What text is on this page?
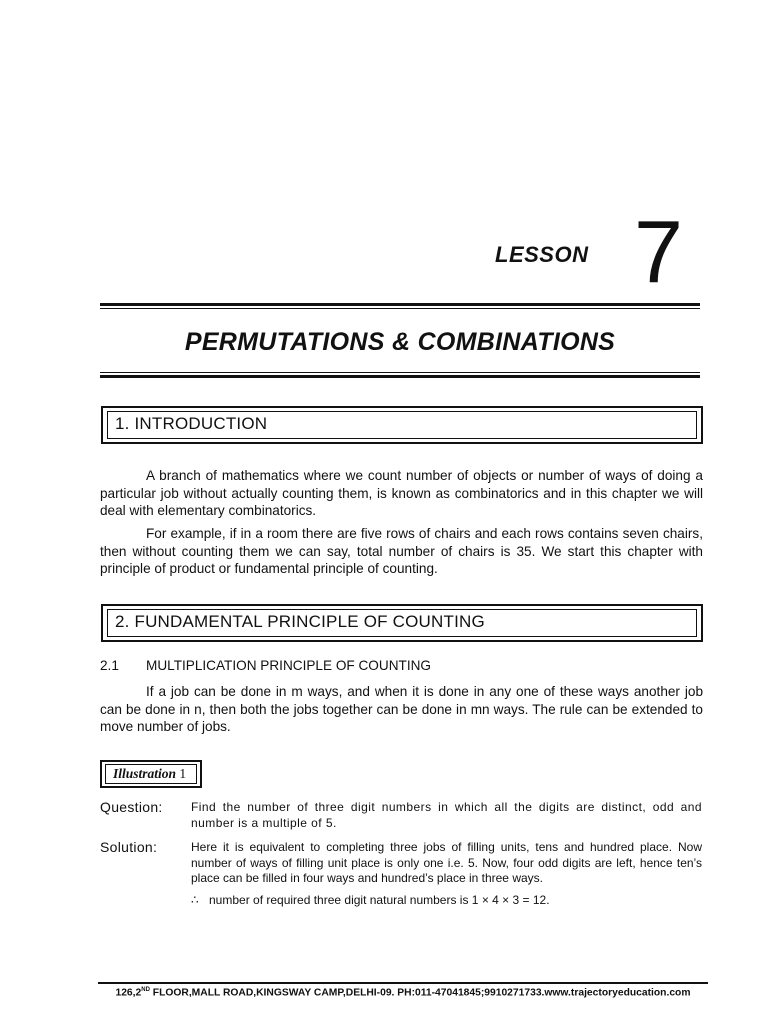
LESSON 7
PERMUTATIONS & COMBINATIONS
1. INTRODUCTION
A branch of mathematics where we count number of objects or number of ways of doing a particular job without actually counting them, is known as combinatorics and in this chapter we will deal with elementary combinatorics.
For example, if in a room there are five rows of chairs and each rows contains seven chairs, then without counting them we can say, total number of chairs is 35. We start this chapter with principle of product or fundamental principle of counting.
2. FUNDAMENTAL PRINCIPLE OF COUNTING
2.1 MULTIPLICATION PRINCIPLE OF COUNTING
If a job can be done in m ways, and when it is done in any one of these ways another job can be done in n, then both the jobs together can be done in mn ways. The rule can be extended to move number of jobs.
Illustration 1
Question: Find the number of three digit numbers in which all the digits are distinct, odd and number is a multiple of 5.
Solution:	Here it is equivalent to completing three jobs of filling units, tens and hundred place. Now number of ways of filling unit place is only one i.e. 5. Now, four odd digits are left, hence ten’s place can be filled in four ways and hundred’s place in three ways.
∴ number of required three digit natural numbers is 1 × 4 × 3 = 12.
126,2ND FLOOR,MALL ROAD,KINGSWAY CAMP,DELHI-09. PH:011-47041845;9910271733.www.trajectoryeducation.com
